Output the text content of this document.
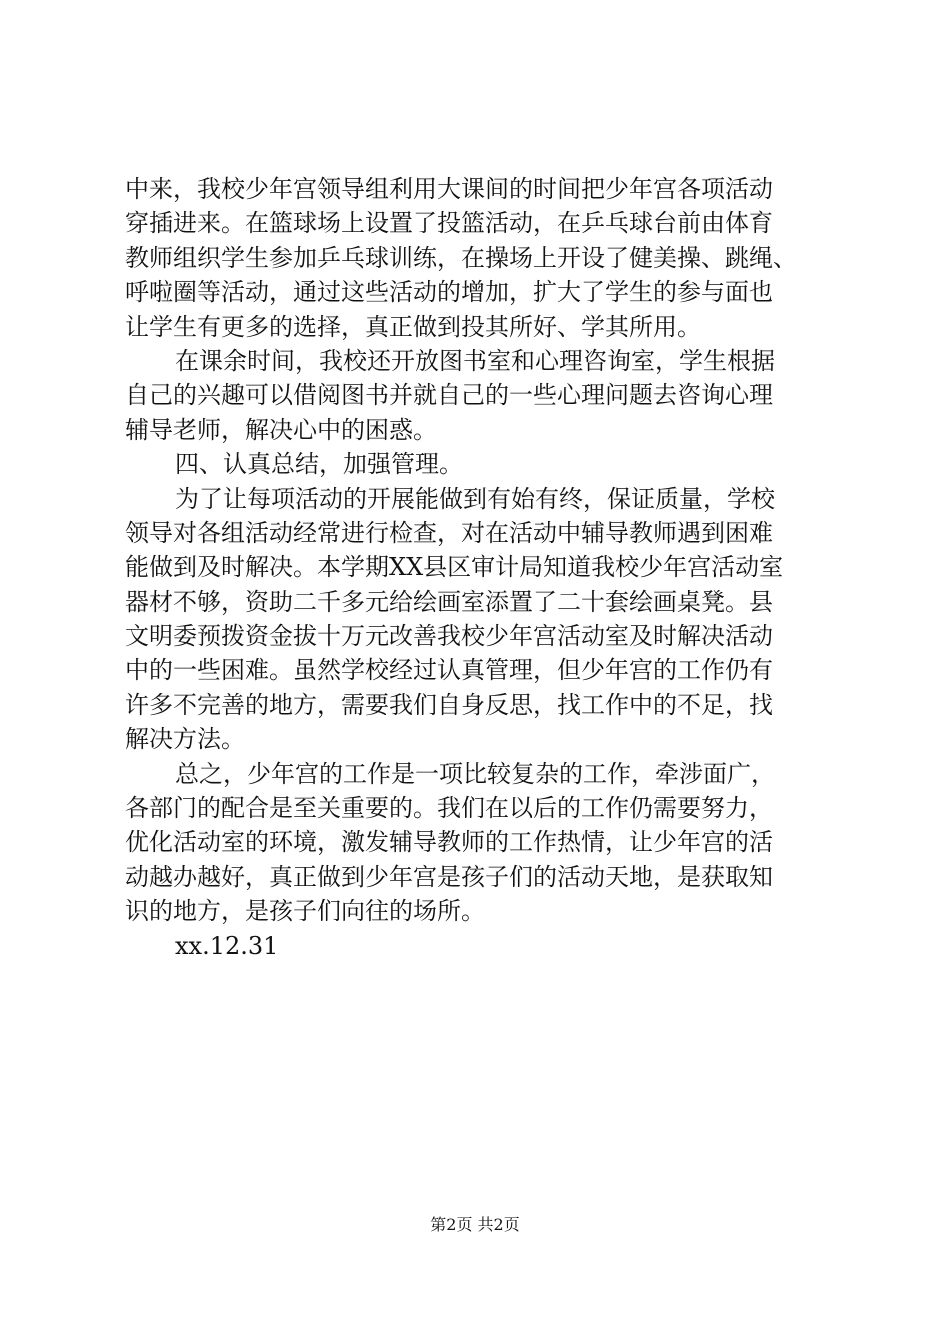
中来，我校少年宫领导组利用大课间的时间把少年宫各项活动
穿插进来。在篮球场上设置了投篮活动，在乒乓球台前由体育
教师组织学生参加乒乓球训练，在操场上开设了健美操、跳绳、
呼啦圈等活动，通过这些活动的增加，扩大了学生的参与面也
让学生有更多的选择，真正做到投其所好、学其所用。
在课余时间，我校还开放图书室和心理咨询室，学生根据
自己的兴趣可以借阅图书并就自己的一些心理问题去咨询心理
辅导老师，解决心中的困惑。
四、认真总结，加强管理。
为了让每项活动的开展能做到有始有终，保证质量，学校
领导对各组活动经常进行检查，对在活动中辅导教师遇到困难
能做到及时解决。本学期XX县区审计局知道我校少年宫活动室
器材不够，资助二千多元给绘画室添置了二十套绘画桌凳。县
文明委预拨资金拔十万元改善我校少年宫活动室及时解决活动
中的一些困难。虽然学校经过认真管理，但少年宫的工作仍有
许多不完善的地方，需要我们自身反思，找工作中的不足，找
解决方法。
总之，少年宫的工作是一项比较复杂的工作，牵涉面广，
各部门的配合是至关重要的。我们在以后的工作仍需要努力，
优化活动室的环境，激发辅导教师的工作热情，让少年宫的活
动越办越好，真正做到少年宫是孩子们的活动天地，是获取知
识的地方，是孩子们向往的场所。
xx.12.31
第2页 共2页
